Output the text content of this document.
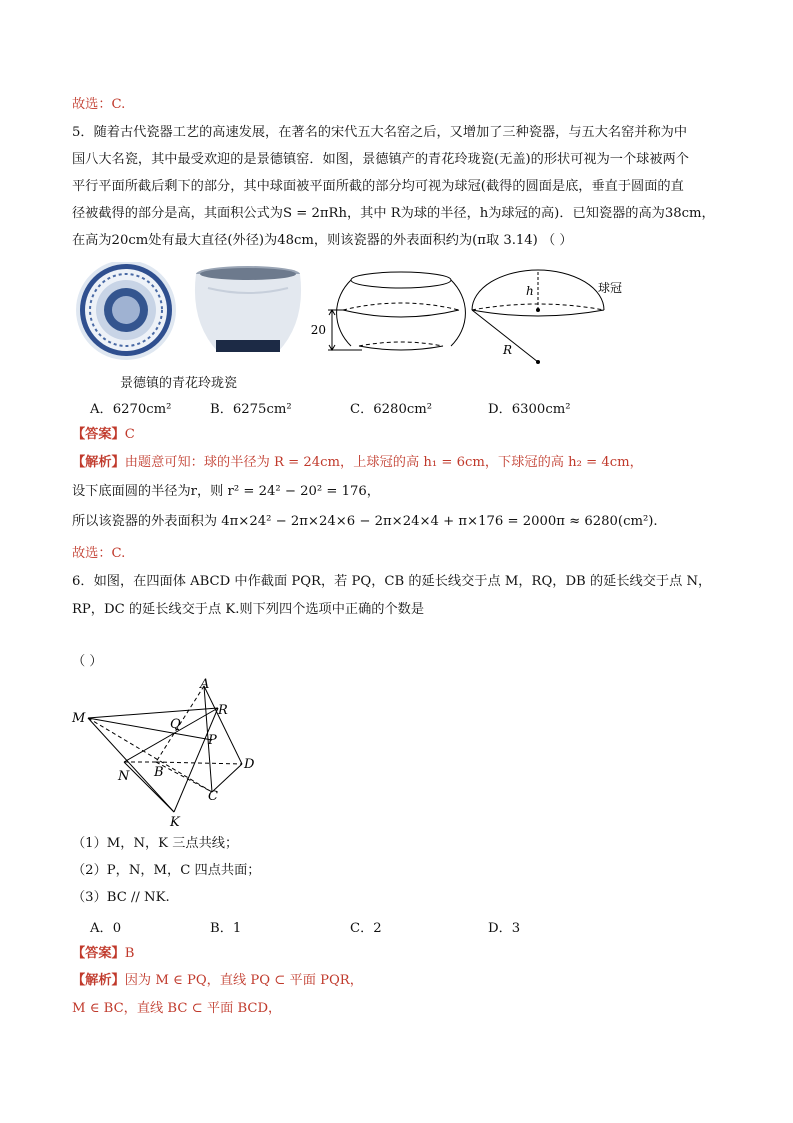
故选：C.
5．随着古代瓷器工艺的高速发展，在著名的宋代五大名窑之后，又增加了三种瓷器，与五大名窑并称为中
国八大名瓷，其中最受欢迎的是景德镇窑．如图，景德镇产的青花玲珑瓷(无盖)的形状可视为一个球被两个
平行平面所截后剩下的部分，其中球面被平面所截的部分均可视为球冠(截得的圆面是底，垂直于圆面的直
径被截得的部分是高，其面积公式为S = 2πRh，其中 R为球的半径，h为球冠的高)．已知瓷器的高为38cm，
在高为20cm处有最大直径(外径)为48cm，则该瓷器的外表面积约为(π取 3.14) （ ）
20
h
R
球冠
景德镇的青花玲珑瓷
A．6270cm²	B．6275cm²	C．6280cm²	D．6300cm²
【答案】C
【解析】由题意可知：球的半径为 R = 24cm，上球冠的高 h₁ = 6cm，下球冠的高 h₂ = 4cm，
设下底面圆的半径为r，则 r² = 24² − 20² = 176，
所以该瓷器的外表面积为 4π×24² − 2π×24×6 − 2π×24×4 + π×176 = 2000π ≈ 6280(cm²).
故选：C.
6．如图，在四面体 ABCD 中作截面 PQR，若 PQ，CB 的延长线交于点 M，RQ，DB 的延长线交于点 N，
RP，DC 的延长线交于点 K.则下列四个选项中正确的个数是
（ ）
A
R
M	Q
P
N B
D
C
K
（1）M，N，K 三点共线；
（2）P，N，M，C 四点共面；
（3）BC // NK.
A．0	B．1	C．2	D．3
【答案】B
【解析】因为 M ∈ PQ，直线 PQ ⊂ 平面 PQR，
M ∈ BC，直线 BC ⊂ 平面 BCD，
